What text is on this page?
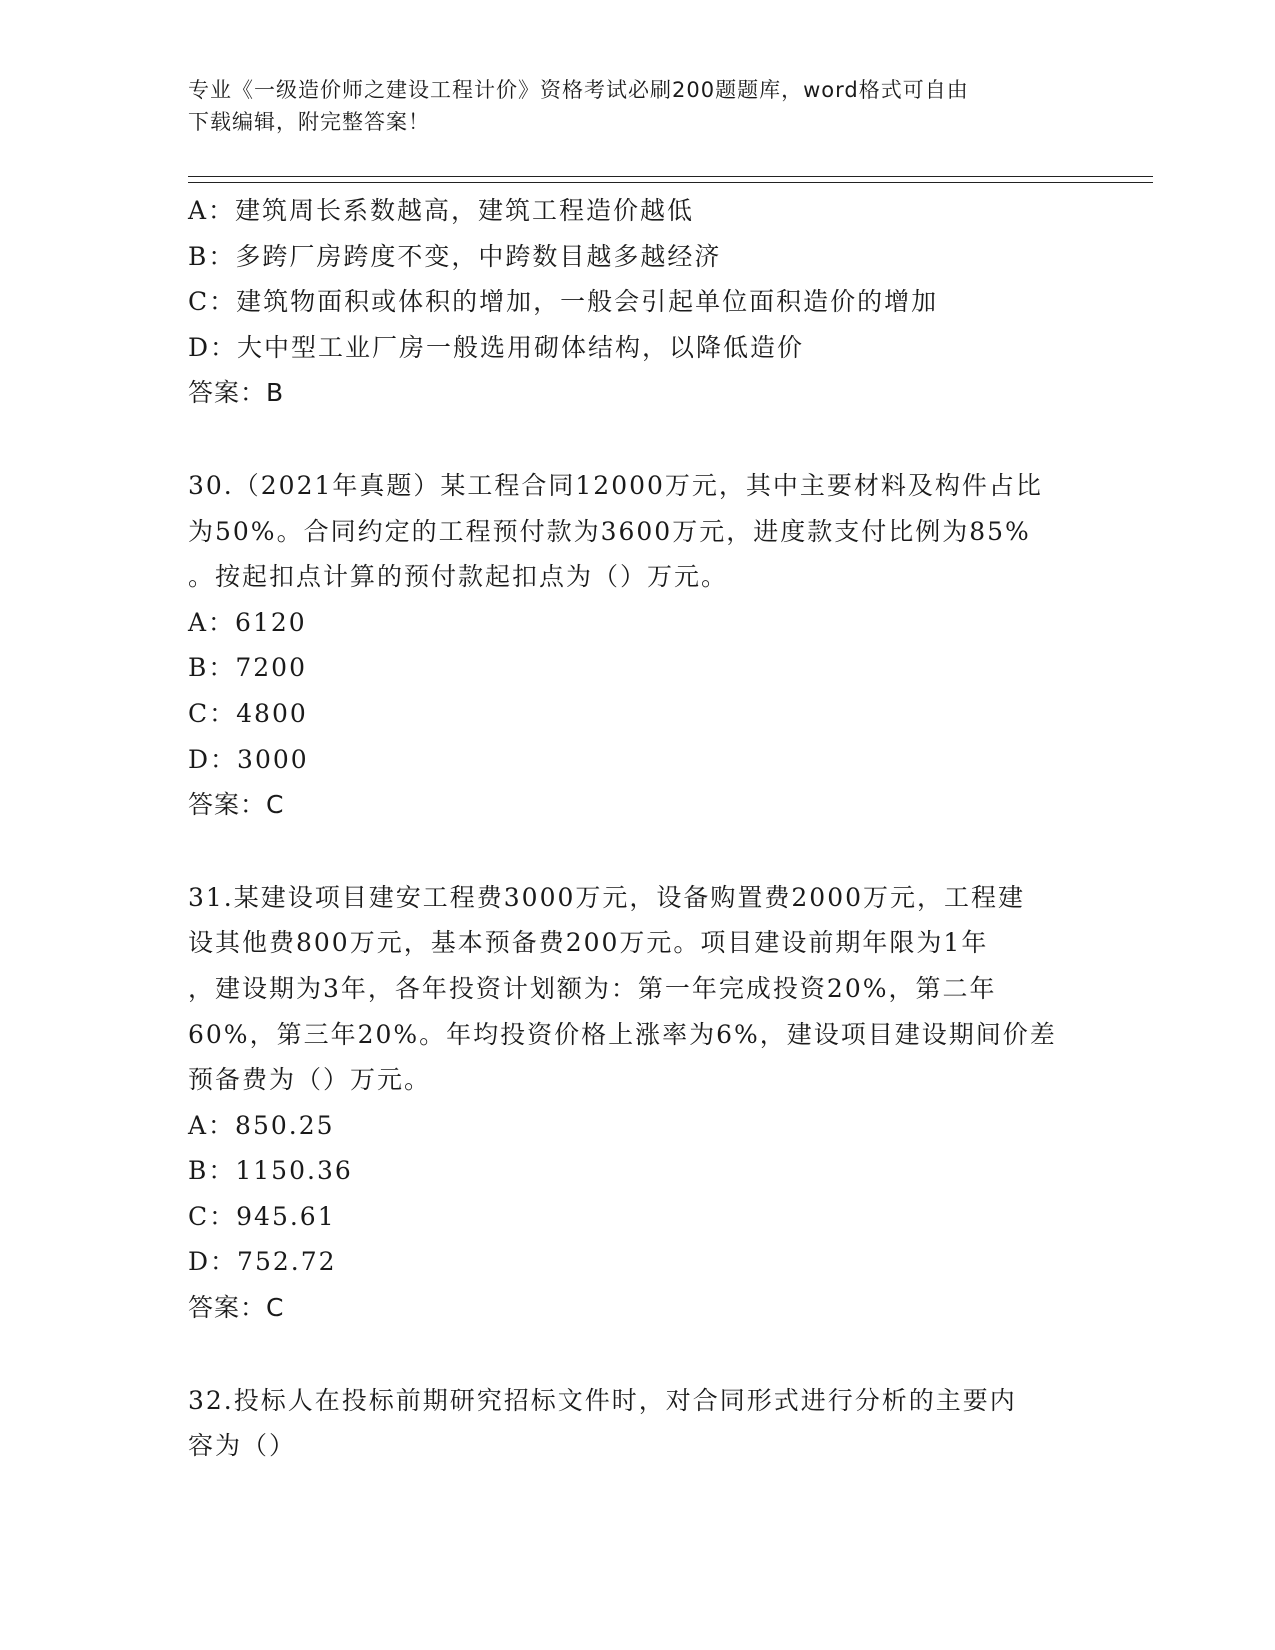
专业《一级造价师之建设工程计价》资格考试必刷200题题库，word格式可自由
下载编辑，附完整答案！
A：建筑周长系数越高，建筑工程造价越低
B：多跨厂房跨度不变，中跨数目越多越经济
C：建筑物面积或体积的增加，一般会引起单位面积造价的增加
D：大中型工业厂房一般选用砌体结构，以降低造价
答案：B
30.（2021年真题）某工程合同12000万元，其中主要材料及构件占比
为50%。合同约定的工程预付款为3600万元，进度款支付比例为85%
。按起扣点计算的预付款起扣点为（）万元。
A：6120
B：7200
C：4800
D：3000
答案：C
31.某建设项目建安工程费3000万元，设备购置费2000万元，工程建
设其他费800万元，基本预备费200万元。项目建设前期年限为1年
，建设期为3年，各年投资计划额为：第一年完成投资20%，第二年
60%，第三年20%。年均投资价格上涨率为6%，建设项目建设期间价差
预备费为（）万元。
A：850.25
B：1150.36
C：945.61
D：752.72
答案：C
32.投标人在投标前期研究招标文件时，对合同形式进行分析的主要内
容为（）
